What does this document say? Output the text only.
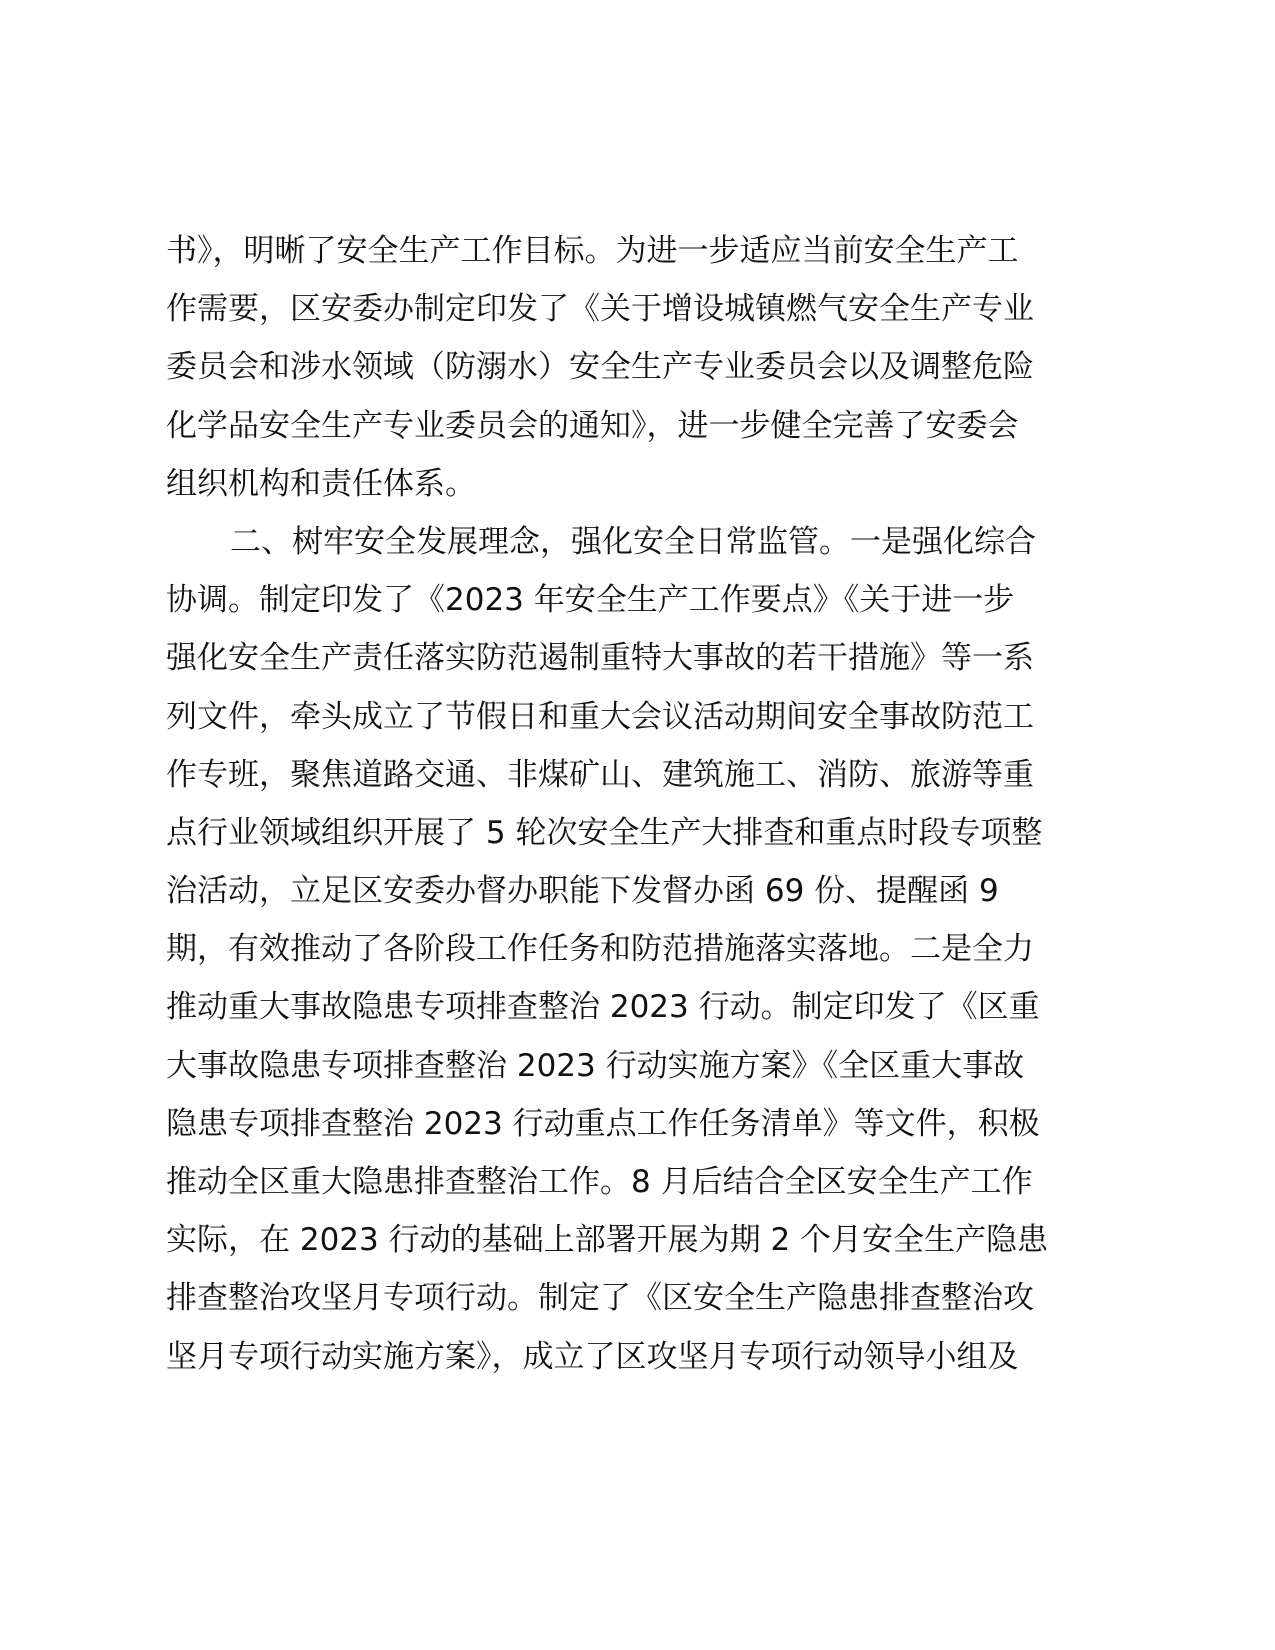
书》，明晰了安全生产工作目标。为进一步适应当前安全生产工
作需要，区安委办制定印发了《关于增设城镇燃气安全生产专业
委员会和涉水领域（防溺水）安全生产专业委员会以及调整危险
化学品安全生产专业委员会的通知》，进一步健全完善了安委会
组织机构和责任体系。
二、树牢安全发展理念，强化安全日常监管。一是强化综合
协调。制定印发了《2023 年安全生产工作要点》《关于进一步
强化安全生产责任落实防范遏制重特大事故的若干措施》等一系
列文件，牵头成立了节假日和重大会议活动期间安全事故防范工
作专班，聚焦道路交通、非煤矿山、建筑施工、消防、旅游等重
点行业领域组织开展了 5 轮次安全生产大排查和重点时段专项整
治活动，立足区安委办督办职能下发督办函 69 份、提醒函 9
期，有效推动了各阶段工作任务和防范措施落实落地。二是全力
推动重大事故隐患专项排查整治 2023 行动。制定印发了《区重
大事故隐患专项排查整治 2023 行动实施方案》《全区重大事故
隐患专项排查整治 2023 行动重点工作任务清单》等文件，积极
推动全区重大隐患排查整治工作。8 月后结合全区安全生产工作
实际，在 2023 行动的基础上部署开展为期 2 个月安全生产隐患
排查整治攻坚月专项行动。制定了《区安全生产隐患排查整治攻
坚月专项行动实施方案》，成立了区攻坚月专项行动领导小组及
